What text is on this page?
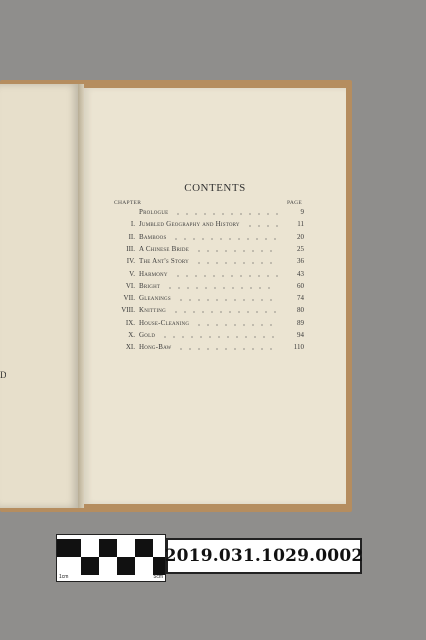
D
CONTENTS
CHAPTER	PAGE
Prologue	9
I. Jumbled Geography and History	11
II. Bamboos	20
III. A Chinese Bride	25
IV. The Ant's Story	36
V. Harmony	43
VI. Bright	60
VII. Gleanings	74
VIII. Knitting	80
IX. House-Cleaning	89
X. Gold	94
XI. Hong-Baw	110
1cm	5cm
2019.031.1029.0002
